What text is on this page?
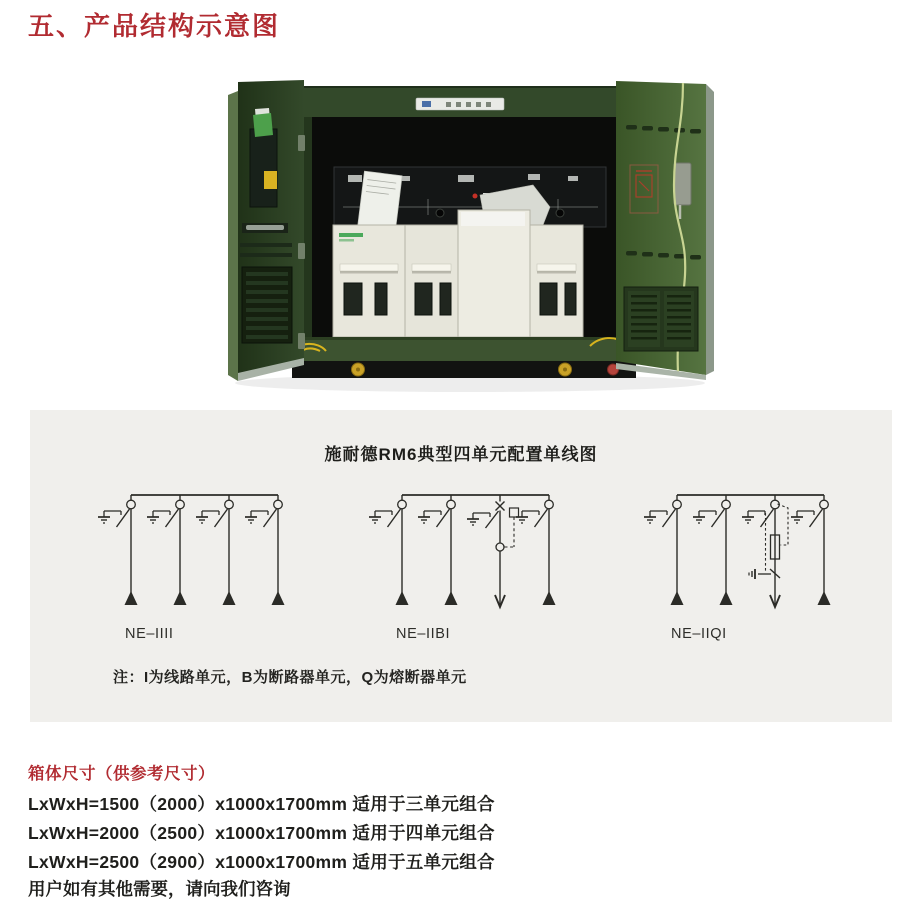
五、产品结构示意图
施耐德RM6典型四单元配置单线图
NE–IIII	NE–IIBI	NE–IIQI
注：I为线路单元，B为断路器单元，Q为熔断器单元
箱体尺寸（供参考尺寸）
LxWxH=1500（2000）x1000x1700mm 适用于三单元组合
LxWxH=2000（2500）x1000x1700mm 适用于四单元组合
LxWxH=2500（2900）x1000x1700mm 适用于五单元组合
用户如有其他需要，请向我们咨询
